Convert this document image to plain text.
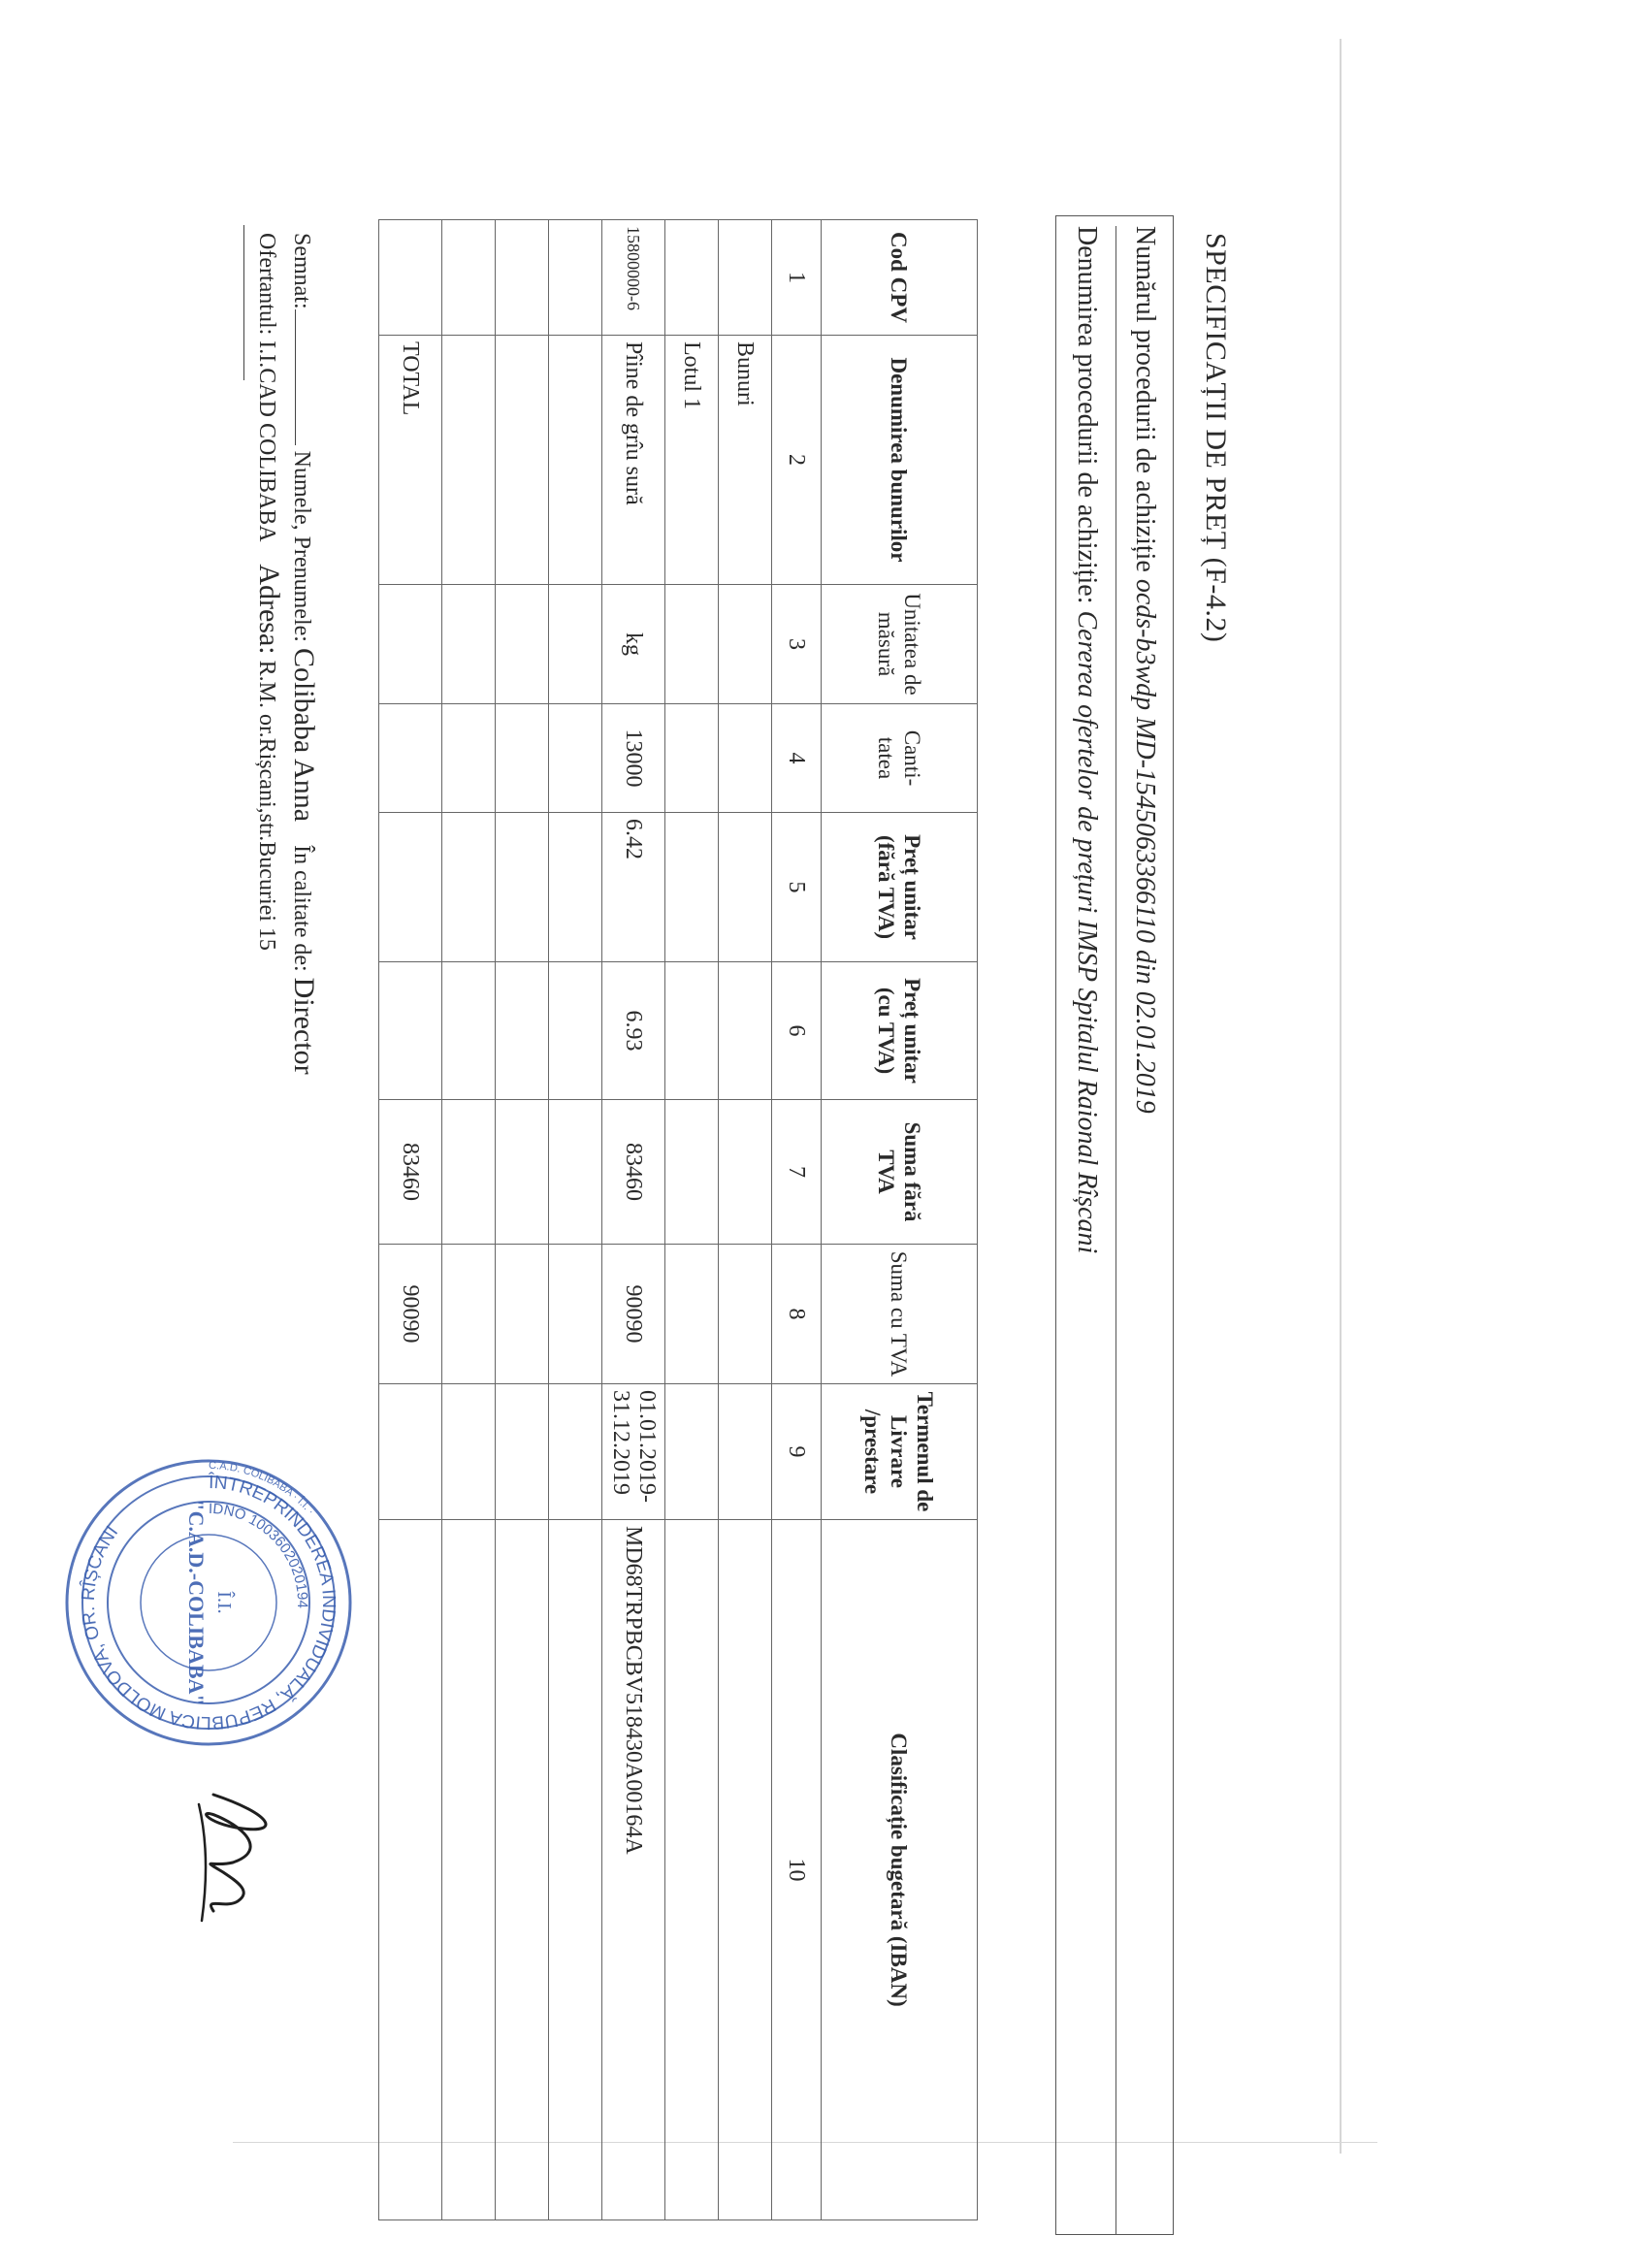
SPECIFICAȚII DE PREȚ (F-4.2)
Numărul procedurii de achiziție ocds-b3wdp MD-1545063366110 din 02.01.2019
Denumirea procedurii de achiziție: Cererea ofertelor de prețuri IMSP Spitalul Raional Rîșcani
Cod CPV	Denumirea bunurilor	Unitatea de măsură	Canti-tatea	Preț unitar (fără TVA)	Preț unitar (cu TVA)	Suma fără TVA	Suma cu TVA	Termenul de Livrare /prestare	Clasificație bugetară (IBAN)
1	2	3	4	5	6	7	8	9	10
	Bunuri								
	Lotul 1								
15800000-6	Pîine de grîu sură	kg	13000	6.42	6.93	83460	90090	01.01.2019-31.12.2019	MD68TRPBCBV518430A00164A

	TOTAL					83460	90090		
Semnat: Numele, Prenumele: Colibaba Anna    În calitate de: Director
Ofertantul: I.I.CAD COLIBABA    Adresa: R.M. or.Rișcani,str.Bucuriei 15
C.A.D. COLIBABA · Î.I. ·
ÎNTREPRINDEREA INDIVIDUALĂ, REPUBLICA MOLDOVA, OR. RÎȘCANI
IDNO 1003602020194
Î.I.
"C.A.D.-COLIBABA"
